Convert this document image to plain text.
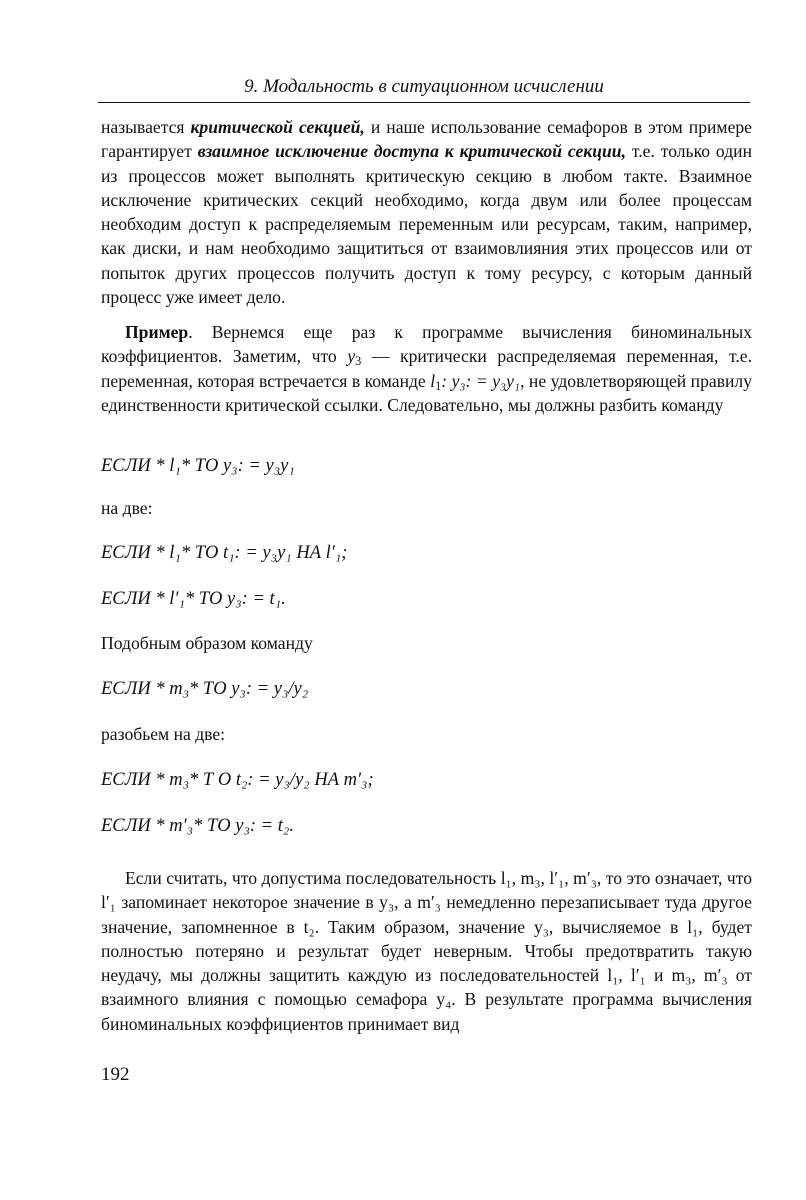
9. Модальность в ситуационном исчислении
называется критической секцией, и наше использование семафоров в этом примере гарантирует взаимное исключение доступа к критической секции, т.е. только один из процессов может выполнять критическую секцию в любом такте. Взаимное исключение критических секций необходимо, когда двум или более процессам необходим доступ к распределяемым переменным или ресурсам, таким, например, как диски, и нам необходимо защититься от взаимовлияния этих процессов или от попыток других процессов получить доступ к тому ресурсу, с которым данный процесс уже имеет дело.
Пример. Вернемся еще раз к программе вычисления биноминальных коэффициентов. Заметим, что $y_3$ — критически распределяемая переменная, т.е. переменная, которая встречается в команде $l_1$: y₃: = y₃y₁, не удовлетворяющей правилу единственности критической ссылки. Следовательно, мы должны разбить команду
ЕСЛИ * l₁* ТО y₃: = y₃y₁
на две:
ЕСЛИ * l₁* ТО t₁: = y₃y₁ НА l′₁;
ЕСЛИ * l′₁* ТО y₃: = t₁.
Подобным образом команду
ЕСЛИ * m₃* ТО y₃: = y₃/y₂
разобьем на две:
ЕСЛИ * m₃* Т О t₂: = y₃/y₂ НА m′₃;
ЕСЛИ * m′₃* ТО y₃: = t₂.
Если считать, что допустима последовательность l₁, m₃, l′₁, m′₃, то это означает, что l′₁ запоминает некоторое значение в y₃, а m′₃ немедленно перезаписывает туда другое значение, запомненное в t₂. Таким образом, значение y₃, вычисляемое в l₁, будет полностью потеряно и результат будет неверным. Чтобы предотвратить такую неудачу, мы должны защитить каждую из последовательностей l₁, l′₁ и m₃, m′₃ от взаимного влияния с помощью семафора y₄. В результате программа вычисления биноминальных коэффициентов принимает вид
192
